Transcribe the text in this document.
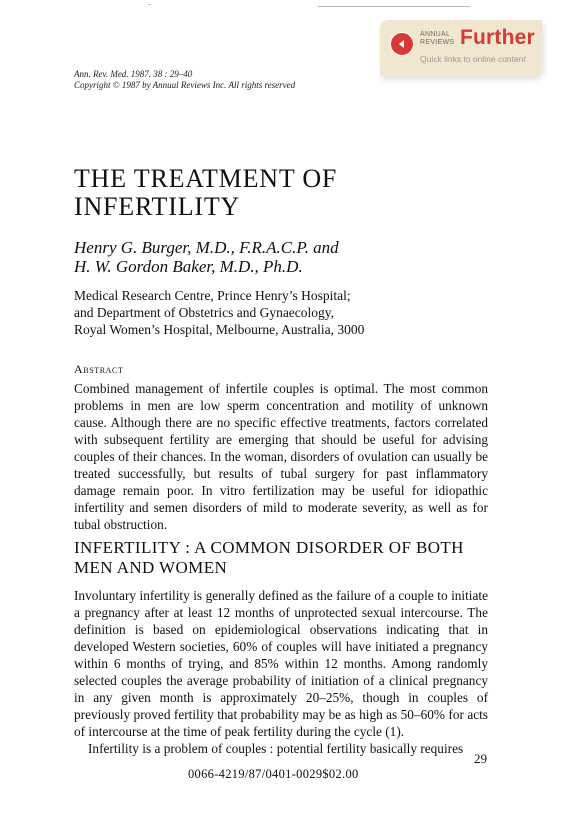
ANNUAL REVIEWS Further
Quick links to online content
Ann. Rev. Med. 1987. 38 : 29–40
Copyright © 1987 by Annual Reviews Inc. All rights reserved
THE TREATMENT OF
INFERTILITY
Henry G. Burger, M.D., F.R.A.C.P. and
H. W. Gordon Baker, M.D., Ph.D.
Medical Research Centre, Prince Henry’s Hospital;
and Department of Obstetrics and Gynaecology,
Royal Women’s Hospital, Melbourne, Australia, 3000
Abstract

Combined management of infertile couples is optimal. The most common problems in men are low sperm concentration and motility of unknown cause. Although there are no specific effective treatments, factors correlated with subsequent fertility are emerging that should be useful for advising couples of their chances. In the woman, disorders of ovulation can usually be treated successfully, but results of tubal surgery for past inflammatory damage remain poor. In vitro fertilization may be useful for idiopathic infertility and semen disorders of mild to moderate severity, as well as for tubal obstruction.

INFERTILITY : A COMMON DISORDER OF BOTH
MEN AND WOMEN
Involuntary infertility is generally defined as the failure of a couple to initiate a pregnancy after at least 12 months of unprotected sexual intercourse. The definition is based on epidemiological observations indicating that in developed Western societies, 60% of couples will have initiated a pregnancy within 6 months of trying, and 85% within 12 months. Among randomly selected couples the average probability of initiation of a clinical pregnancy in any given month is approximately 20–25%, though in couples of previously proved fertility that probability may be as high as 50–60% for acts of intercourse at the time of peak fertility during the cycle (1).
Infertility is a problem of couples : potential fertility basically requires
29
0066-4219/87/0401-0029$02.00
